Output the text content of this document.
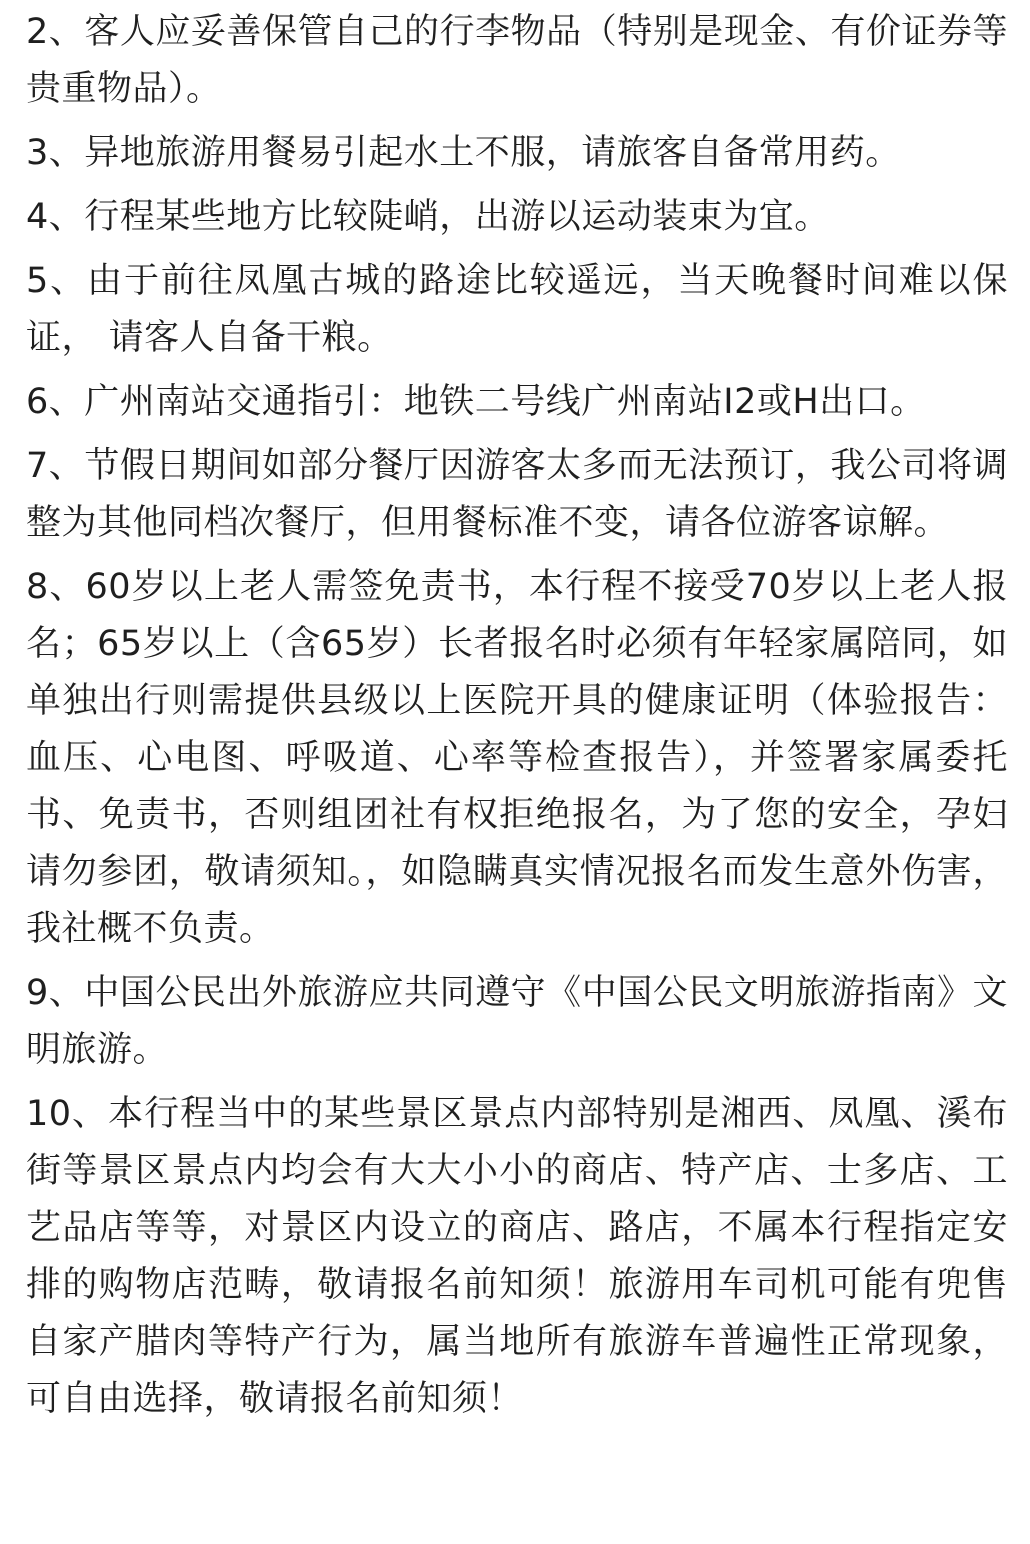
2、客人应妥善保管自己的行李物品（特别是现金、有价证券等贵重物品）。
3、异地旅游用餐易引起水土不服，请旅客自备常用药。
4、行程某些地方比较陡峭，出游以运动装束为宜。
5、由于前往凤凰古城的路途比较遥远，当天晚餐时间难以保证， 请客人自备干粮。
6、广州南站交通指引：地铁二号线广州南站I2或H出口。
7、节假日期间如部分餐厅因游客太多而无法预订，我公司将调整为其他同档次餐厅，但用餐标准不变，请各位游客谅解。
8、60岁以上老人需签免责书，本行程不接受70岁以上老人报名；65岁以上（含65岁）长者报名时必须有年轻家属陪同，如单独出行则需提供县级以上医院开具的健康证明（体验报告：血压、心电图、呼吸道、心率等检查报告），并签署家属委托书、免责书，否则组团社有权拒绝报名，为了您的安全，孕妇请勿参团，敬请须知。，如隐瞒真实情况报名而发生意外伤害， 我社概不负责。
9、中国公民出外旅游应共同遵守《中国公民文明旅游指南》文明旅游。
10、本行程当中的某些景区景点内部特别是湘西、凤凰、溪布街等景区景点内均会有大大小小的商店、特产店、士多店、工艺品店等等，对景区内设立的商店、路店，不属本行程指定安排的购物店范畴，敬请报名前知须！旅游用车司机可能有兜售自家产腊肉等特产行为，属当地所有旅游车普遍性正常现象，可自由选择，敬请报名前知须！
